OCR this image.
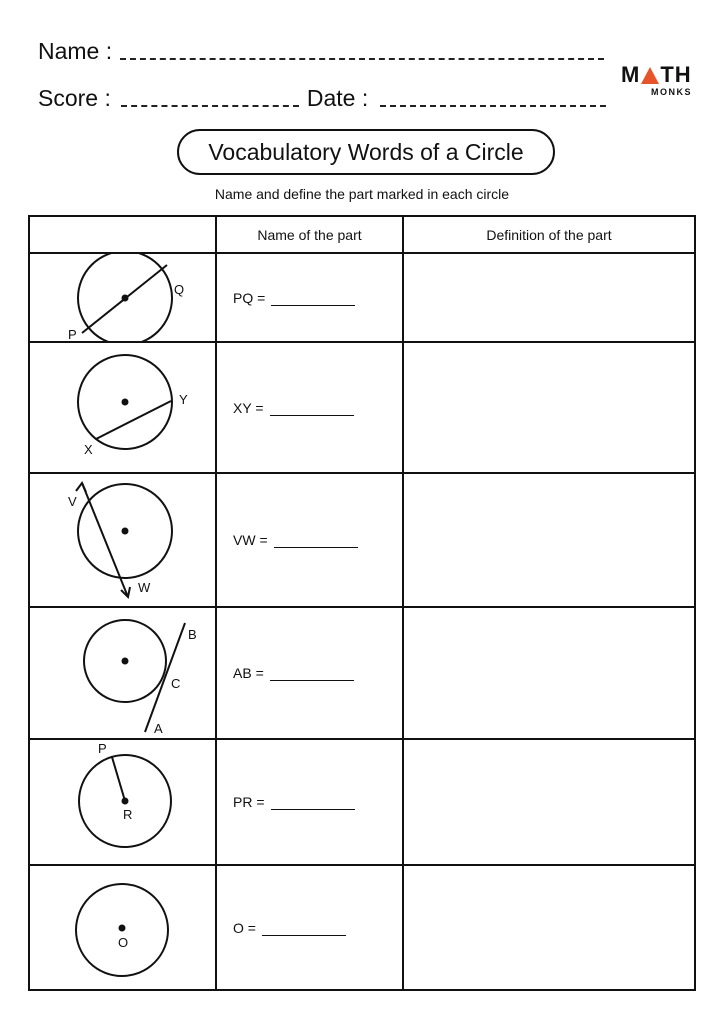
Name :
Score :	Date :
M TH
MONKS
Vocabulatory Words of a Circle
Name and define the part marked in each circle
	Name of the part	Definition of the part

P
Q	PQ =	

X
Y	XY =	

V
W	VW =	

A
B
C	AB =	

P
R	PR =	

O	O =	
